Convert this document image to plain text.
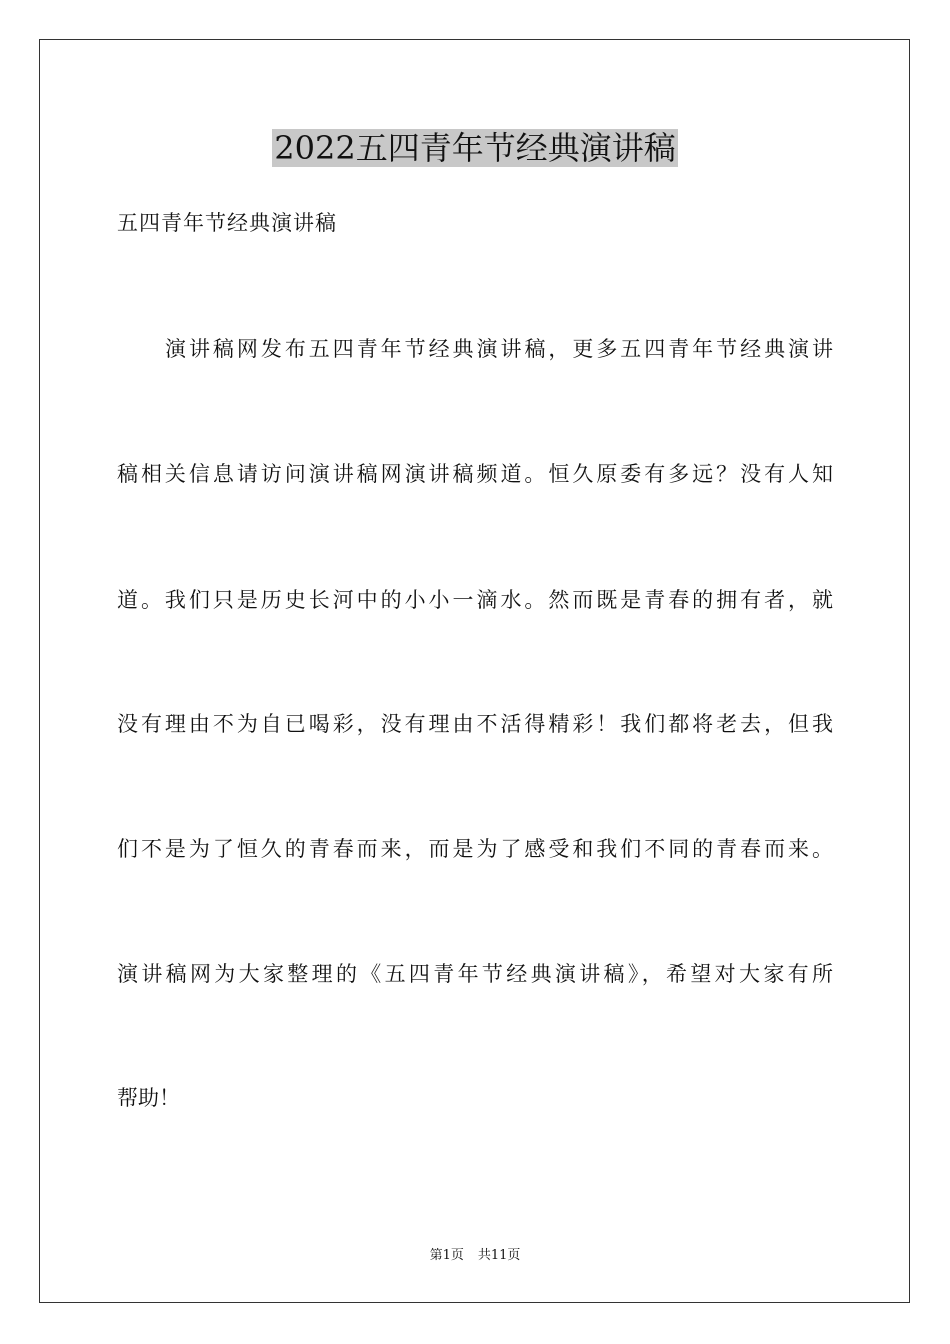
2022五四青年节经典演讲稿

五四青年节经典演讲稿

演讲稿网发布五四青年节经典演讲稿，更多五四青年节经典演讲

稿相关信息请访问演讲稿网演讲稿频道。恒久原委有多远？没有人知

道。我们只是历史长河中的小小一滴水。然而既是青春的拥有者，就

没有理由不为自已喝彩，没有理由不活得精彩！我们都将老去，但我

们不是为了恒久的青春而来，而是为了感受和我们不同的青春而来。

演讲稿网为大家整理的《五四青年节经典演讲稿》，希望对大家有所

帮助！

第1页 共11页
